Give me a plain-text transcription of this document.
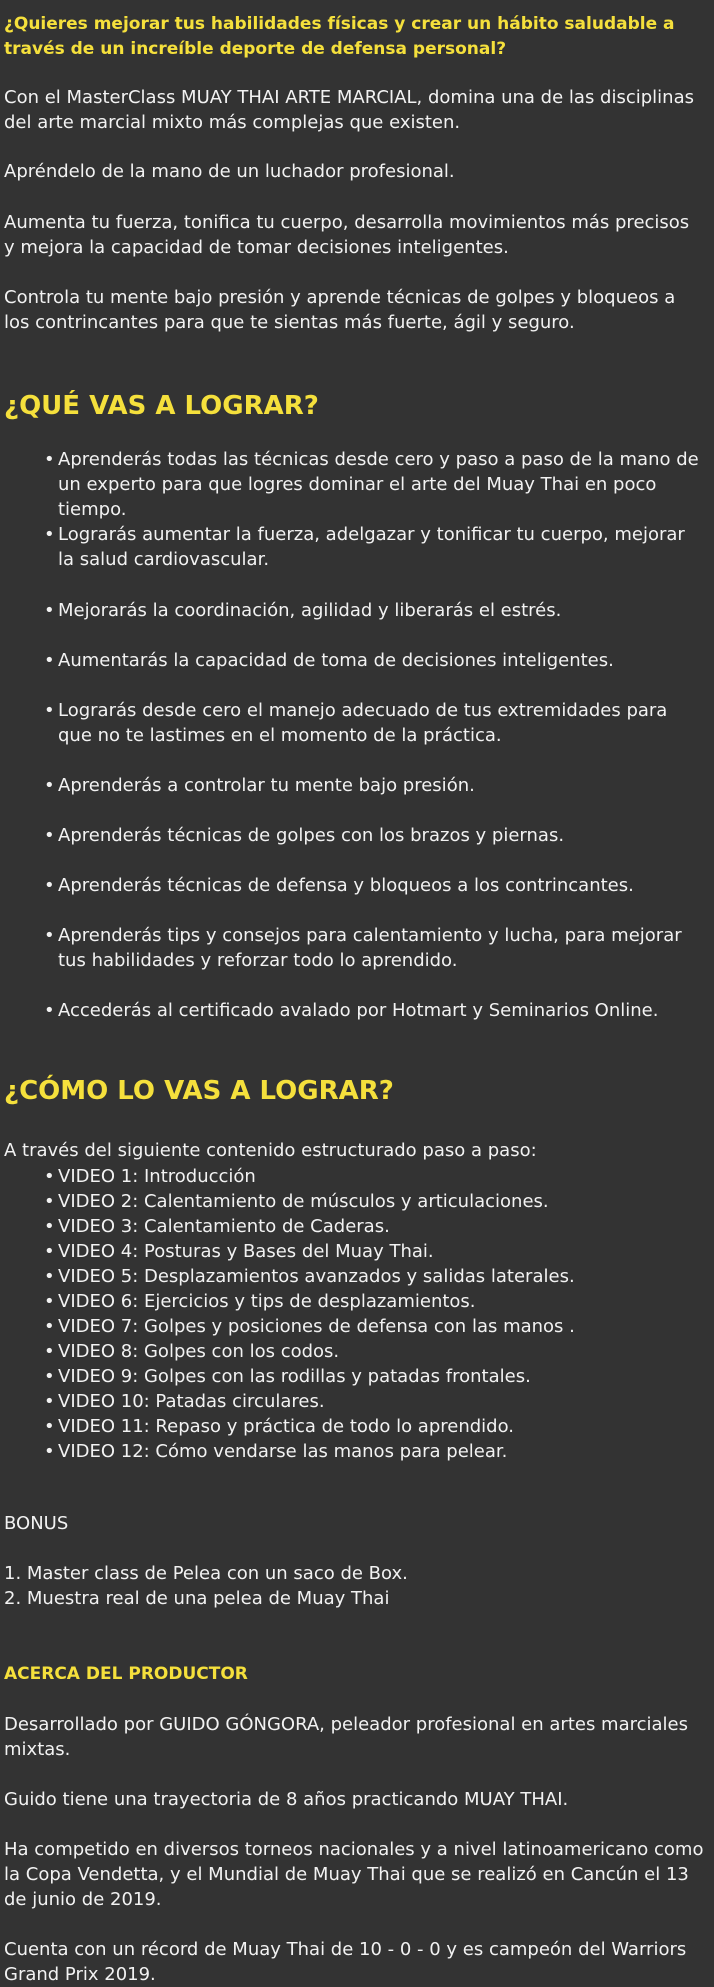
¿Quieres mejorar tus habilidades físicas y crear un hábito saludable a través de un increíble deporte de defensa personal?

Con el MasterClass MUAY THAI ARTE MARCIAL, domina una de las disciplinas del arte marcial mixto más complejas que existen.

Apréndelo de la mano de un luchador profesional.

Aumenta tu fuerza, tonifica tu cuerpo, desarrolla movimientos más precisos y mejora la capacidad de tomar decisiones inteligentes.

Controla tu mente bajo presión y aprende técnicas de golpes y bloqueos a los contrincantes para que te sientas más fuerte, ágil y seguro.

¿QUÉ VAS A LOGRAR?
• Aprenderás todas las técnicas desde cero y paso a paso de la mano de un experto para que logres dominar el arte del Muay Thai en poco tiempo.
• Lograrás aumentar la fuerza, adelgazar y tonificar tu cuerpo, mejorar la salud cardiovascular.
• Mejorarás la coordinación, agilidad y liberarás el estrés.
• Aumentarás la capacidad de toma de decisiones inteligentes.
• Lograrás desde cero el manejo adecuado de tus extremidades para que no te lastimes en el momento de la práctica.
• Aprenderás a controlar tu mente bajo presión.
• Aprenderás técnicas de golpes con los brazos y piernas.
• Aprenderás técnicas de defensa y bloqueos a los contrincantes.
• Aprenderás tips y consejos para calentamiento y lucha, para mejorar tus habilidades y reforzar todo lo aprendido.
• Accederás al certificado avalado por Hotmart y Seminarios Online.
¿CÓMO LO VAS A LOGRAR?

A través del siguiente contenido estructurado paso a paso:

• VIDEO 1: Introducción
• VIDEO 2: Calentamiento de músculos y articulaciones.
• VIDEO 3: Calentamiento de Caderas.
• VIDEO 4: Posturas y Bases del Muay Thai.
• VIDEO 5: Desplazamientos avanzados y salidas laterales.
• VIDEO 6: Ejercicios y tips de desplazamientos.
• VIDEO 7: Golpes y posiciones de defensa con las manos .
• VIDEO 8: Golpes con los codos.
• VIDEO 9: Golpes con las rodillas y patadas frontales.
• VIDEO 10: Patadas circulares.
• VIDEO 11: Repaso y práctica de todo lo aprendido.
• VIDEO 12: Cómo vendarse las manos para pelear.

BONUS

1. Master class de Pelea con un saco de Box.

2. Muestra real de una pelea de Muay Thai

ACERCA DEL PRODUCTOR

Desarrollado por GUIDO GÓNGORA, peleador profesional en artes marciales mixtas.

Guido tiene una trayectoria de 8 años practicando MUAY THAI.

Ha competido en diversos torneos nacionales y a nivel latinoamericano como la Copa Vendetta, y el Mundial de Muay Thai que se realizó en Cancún el 13 de junio de 2019.

Cuenta con un récord de Muay Thai de 10 - 0 - 0 y es campeón del Warriors Grand Prix 2019.
